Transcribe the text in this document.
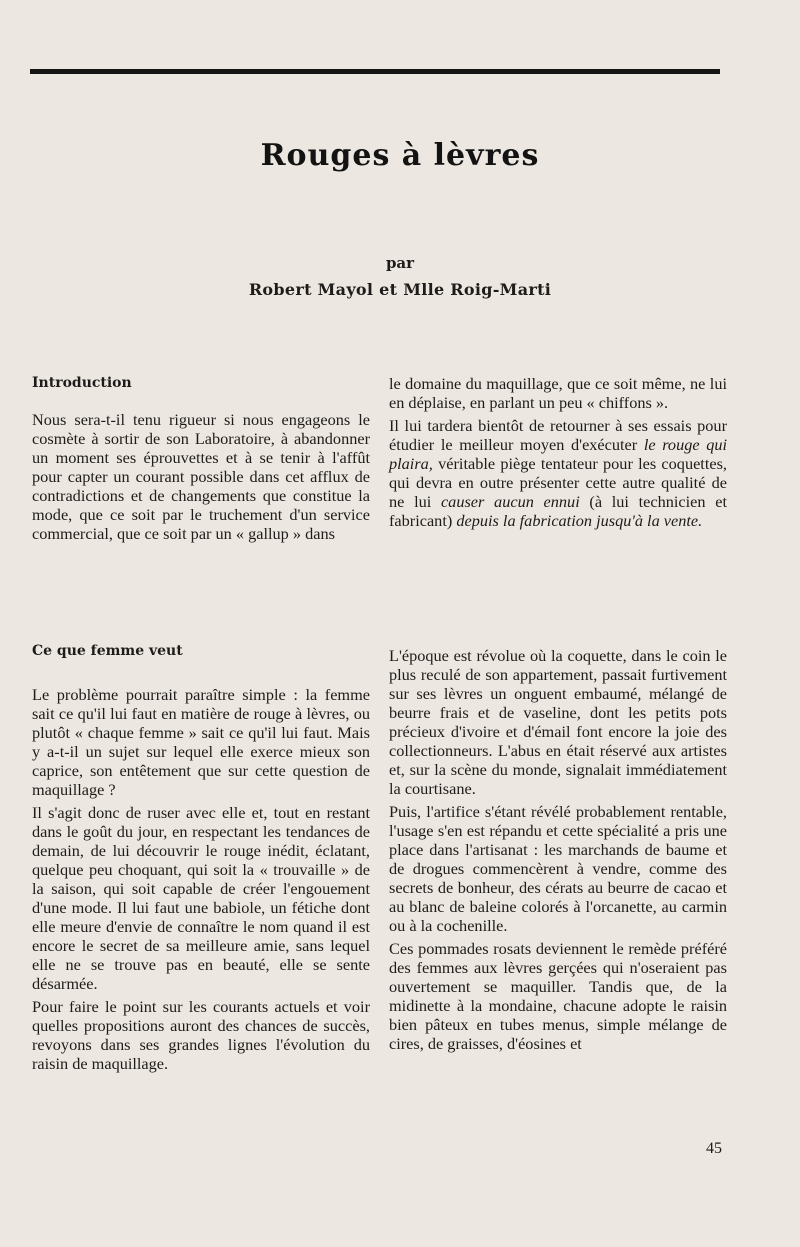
Rouges à lèvres
par
Robert Mayol et Mlle Roig-Marti
Introduction

Nous sera-t-il tenu rigueur si nous engageons le cosmète à sortir de son Laboratoire, à abandonner un moment ses éprouvettes et à se tenir à l'affût pour capter un courant possible dans cet afflux de contradictions et de changements que constitue la mode, que ce soit par le truchement d'un service commercial, que ce soit par un « gallup » dans

Ce que femme veut

Le problème pourrait paraître simple : la femme sait ce qu'il lui faut en matière de rouge à lèvres, ou plutôt « chaque femme » sait ce qu'il lui faut. Mais y a-t-il un sujet sur lequel elle exerce mieux son caprice, son entêtement que sur cette question de maquillage ?

Il s'agit donc de ruser avec elle et, tout en restant dans le goût du jour, en respectant les tendances de demain, de lui découvrir le rouge inédit, éclatant, quelque peu choquant, qui soit la « trouvaille » de la saison, qui soit capable de créer l'engouement d'une mode. Il lui faut une babiole, un fétiche dont elle meure d'envie de connaître le nom quand il est encore le secret de sa meilleure amie, sans lequel elle ne se trouve pas en beauté, elle se sente désarmée.

Pour faire le point sur les courants actuels et voir quelles propositions auront des chances de succès, revoyons dans ses grandes lignes l'évolution du raisin de maquillage.

le domaine du maquillage, que ce soit même, ne lui en déplaise, en parlant un peu « chiffons ».

Il lui tardera bientôt de retourner à ses essais pour étudier le meilleur moyen d'exécuter le rouge qui plaira, véritable piège tentateur pour les coquettes, qui devra en outre présenter cette autre qualité de ne lui causer aucun ennui (à lui technicien et fabricant) depuis la fabrication jusqu'à la vente.

L'époque est révolue où la coquette, dans le coin le plus reculé de son appartement, passait furtivement sur ses lèvres un onguent embaumé, mélangé de beurre frais et de vaseline, dont les petits pots précieux d'ivoire et d'émail font encore la joie des collectionneurs. L'abus en était réservé aux artistes et, sur la scène du monde, signalait immédiatement la courtisane.

Puis, l'artifice s'étant révélé probablement rentable, l'usage s'en est répandu et cette spécialité a pris une place dans l'artisanat : les marchands de baume et de drogues commencèrent à vendre, comme des secrets de bonheur, des cérats au beurre de cacao et au blanc de baleine colorés à l'orcanette, au carmin ou à la cochenille.

Ces pommades rosats deviennent le remède préféré des femmes aux lèvres gerçées qui n'oseraient pas ouvertement se maquiller. Tandis que, de la midinette à la mondaine, chacune adopte le raisin bien pâteux en tubes menus, simple mélange de cires, de graisses, d'éosines et

45
